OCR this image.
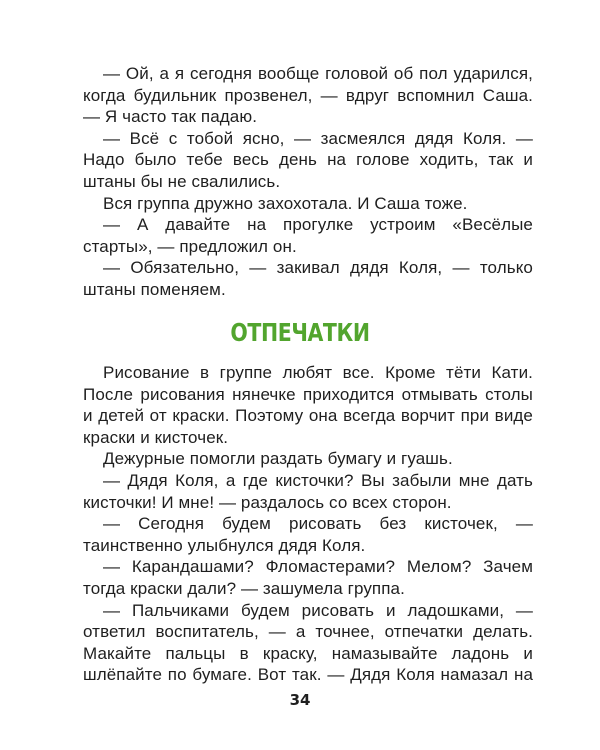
— Ой, а я сегодня вообще головой об пол ударился, когда будильник прозвенел, — вдруг вспомнил Саша. — Я часто так падаю.

— Всё с тобой ясно, — засмеялся дядя Коля. — Надо было тебе весь день на голове ходить, так и штаны бы не свалились.

Вся группа дружно захохотала. И Саша тоже.

— А давайте на прогулке устроим «Весёлые старты», — предложил он.

— Обязательно, — закивал дядя Коля, — только штаны поменяем.

ОТПЕЧАТКИ

Рисование в группе любят все. Кроме тёти Кати. После рисования нянечке приходится отмывать столы и детей от краски. Поэтому она всегда ворчит при виде краски и кисточек.

Дежурные помогли раздать бумагу и гуашь.

— Дядя Коля, а где кисточки? Вы забыли мне дать кисточки! И мне! — раздалось со всех сторон.

— Сегодня будем рисовать без кисточек, — таинственно улыбнулся дядя Коля.

— Карандашами? Фломастерами? Мелом? Зачем тогда краски дали? — зашумела группа.

— Пальчиками будем рисовать и ладошками, — ответил воспитатель, — а точнее, отпечатки делать. Макайте пальцы в краску, намазывайте ладонь и шлёпайте по бумаге. Вот так. — Дядя Коля намазал на

34
